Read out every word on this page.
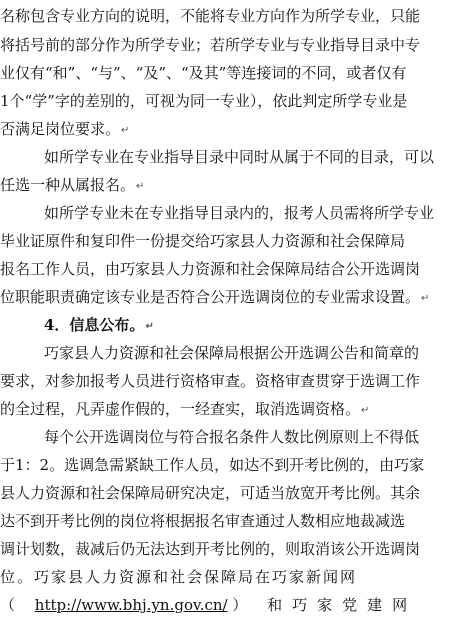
名称包含专业方向的说明，不能将专业方向作为所学专业，只能
将括号前的部分作为所学专业；若所学专业与专业指导目录中专
业仅有“和”、“与”、“及”、“及其”等连接词的不同，或者仅有
1个“学”字的差别的，可视为同一专业），依此判定所学专业是
否满足岗位要求。↵
如所学专业在专业指导目录中同时从属于不同的目录，可以
任选一种从属报名。↵
如所学专业未在专业指导目录内的，报考人员需将所学专业
毕业证原件和复印件一份提交给巧家县人力资源和社会保障局
报名工作人员，由巧家县人力资源和社会保障局结合公开选调岗
位职能职责确定该专业是否符合公开选调岗位的专业需求设置。↵
4．信息公布。↵
巧家县人力资源和社会保障局根据公开选调公告和简章的
要求，对参加报考人员进行资格审查。资格审查贯穿于选调工作
的全过程，凡弄虚作假的，一经查实，取消选调资格。↵
每个公开选调岗位与符合报名条件人数比例原则上不得低
于1：2。选调急需紧缺工作人员，如达不到开考比例的，由巧家
县人力资源和社会保障局研究决定，可适当放宽开考比例。其余
达不到开考比例的岗位将根据报名审查通过人数相应地裁减选
调计划数，裁减后仍无法达到开考比例的，则取消该公开选调岗
位。巧家县人力资源和社会保障局在巧家新闻网
（ http://www.bhj.yn.gov.cn/ ） 和巧家党建网
